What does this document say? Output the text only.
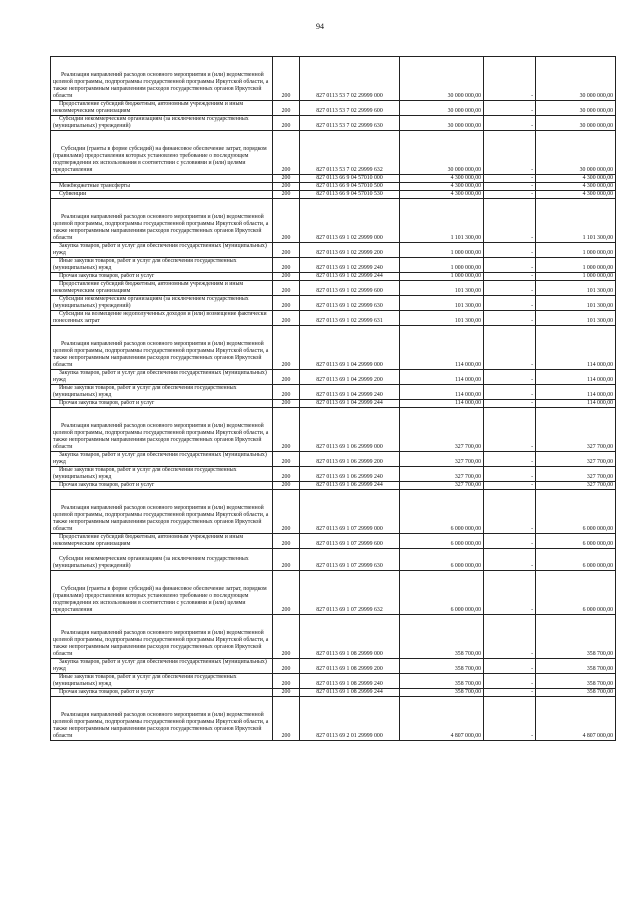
94
Реализация направлений расходов основного мероприятия и (или) ведомственной целевой программы, подпрограммы государственной программы Иркутской области, а также непрограммным направлениям расходов государственных органов Иркутской области	200	827 0113 53 7 02 29999 000	30 000 000,00	-	30 000 000,00
Предоставление субсидий бюджетным, автономным учреждениям и иным некоммерческим организациям	200	827 0113 53 7 02 29999 600	30 000 000,00	-	30 000 000,00
Субсидии некоммерческим организациям (за исключением государственных (муниципальных) учреждений)	200	827 0113 53 7 02 29999 630	30 000 000,00	-	30 000 000,00
Субсидии (гранты в форме субсидий) на финансовое обеспечение затрат, порядком (правилами) предоставления которых установлено требование о последующем подтверждении их использования в соответствии с условиями и (или) целями предоставления	200	827 0113 53 7 02 29999 632	30 000 000,00	-	30 000 000,00
	200	827 0113 66 9 04 57010 000	4 300 000,00	-	4 300 000,00
Межбюджетные трансферты	200	827 0113 66 9 04 57010 500	4 300 000,00	-	4 300 000,00
Субвенции	200	827 0113 66 9 04 57010 530	4 300 000,00	-	4 300 000,00
Реализация направлений расходов основного мероприятия и (или) ведомственной целевой программы, подпрограммы государственной программы Иркутской области, а также непрограммным направлениям расходов государственных органов Иркутской области	200	827 0113 69 1 02 29999 000	1 101 300,00	-	1 101 300,00
Закупка товаров, работ и услуг для обеспечения государственных (муниципальных) нужд	200	827 0113 69 1 02 29999 200	1 000 000,00	-	1 000 000,00
Иные закупки товаров, работ и услуг для обеспечения государственных (муниципальных) нужд	200	827 0113 69 1 02 29999 240	1 000 000,00	-	1 000 000,00
Прочая закупка товаров, работ и услуг	200	827 0113 69 1 02 29999 244	1 000 000,00	-	1 000 000,00
Предоставление субсидий бюджетным, автономным учреждениям и иным некоммерческим организациям	200	827 0113 69 1 02 29999 600	101 300,00	-	101 300,00
Субсидии некоммерческим организациям (за исключением государственных (муниципальных) учреждений)	200	827 0113 69 1 02 29999 630	101 300,00	-	101 300,00
Субсидии на возмещение недополученных доходов и (или) возмещение фактически понесенных затрат	200	827 0113 69 1 02 29999 631	101 300,00	-	101 300,00
Реализация направлений расходов основного мероприятия и (или) ведомственной целевой программы, подпрограммы государственной программы Иркутской области, а также непрограммным направлениям расходов государственных органов Иркутской области	200	827 0113 69 1 04 29999 000	114 000,00	-	114 000,00
Закупка товаров, работ и услуг для обеспечения государственных (муниципальных) нужд	200	827 0113 69 1 04 29999 200	114 000,00	-	114 000,00
Иные закупки товаров, работ и услуг для обеспечения государственных (муниципальных) нужд	200	827 0113 69 1 04 29999 240	114 000,00	-	114 000,00
Прочая закупка товаров, работ и услуг	200	827 0113 69 1 04 29999 244	114 000,00	-	114 000,00
Реализация направлений расходов основного мероприятия и (или) ведомственной целевой программы, подпрограммы государственной программы Иркутской области, а также непрограммным направлениям расходов государственных органов Иркутской области	200	827 0113 69 1 06 29999 000	327 700,00	-	327 700,00
Закупка товаров, работ и услуг для обеспечения государственных (муниципальных) нужд	200	827 0113 69 1 06 29999 200	327 700,00	-	327 700,00
Иные закупки товаров, работ и услуг для обеспечения государственных (муниципальных) нужд	200	827 0113 69 1 06 29999 240	327 700,00	-	327 700,00
Прочая закупка товаров, работ и услуг	200	827 0113 69 1 06 29999 244	327 700,00	-	327 700,00
Реализация направлений расходов основного мероприятия и (или) ведомственной целевой программы, подпрограммы государственной программы Иркутской области, а также непрограммным направлениям расходов государственных органов Иркутской области	200	827 0113 69 1 07 29999 000	6 000 000,00	-	6 000 000,00
Предоставление субсидий бюджетным, автономным учреждениям и иным некоммерческим организациям	200	827 0113 69 1 07 29999 600	6 000 000,00	-	6 000 000,00
Субсидии некоммерческим организациям (за исключением государственных (муниципальных) учреждений)	200	827 0113 69 1 07 29999 630	6 000 000,00	-	6 000 000,00
Субсидии (гранты в форме субсидий) на финансовое обеспечение затрат, порядком (правилами) предоставления которых установлено требование о последующем подтверждении их использования в соответствии с условиями и (или) целями предоставления	200	827 0113 69 1 07 29999 632	6 000 000,00	-	6 000 000,00
Реализация направлений расходов основного мероприятия и (или) ведомственной целевой программы, подпрограммы государственной программы Иркутской области, а также непрограммным направлениям расходов государственных органов Иркутской области	200	827 0113 69 1 08 29999 000	358 700,00	-	358 700,00
Закупка товаров, работ и услуг для обеспечения государственных (муниципальных) нужд	200	827 0113 69 1 08 29999 200	358 700,00	-	358 700,00
Иные закупки товаров, работ и услуг для обеспечения государственных (муниципальных) нужд	200	827 0113 69 1 08 29999 240	358 700,00	-	358 700,00
Прочая закупка товаров, работ и услуг	200	827 0113 69 1 08 29999 244	358 700,00	-	358 700,00
Реализация направлений расходов основного мероприятия и (или) ведомственной целевой программы, подпрограммы государственной программы Иркутской области, а также непрограммным направлениям расходов государственных органов Иркутской области	200	827 0113 69 2 01 29999 000	4 807 000,00	-	4 807 000,00
